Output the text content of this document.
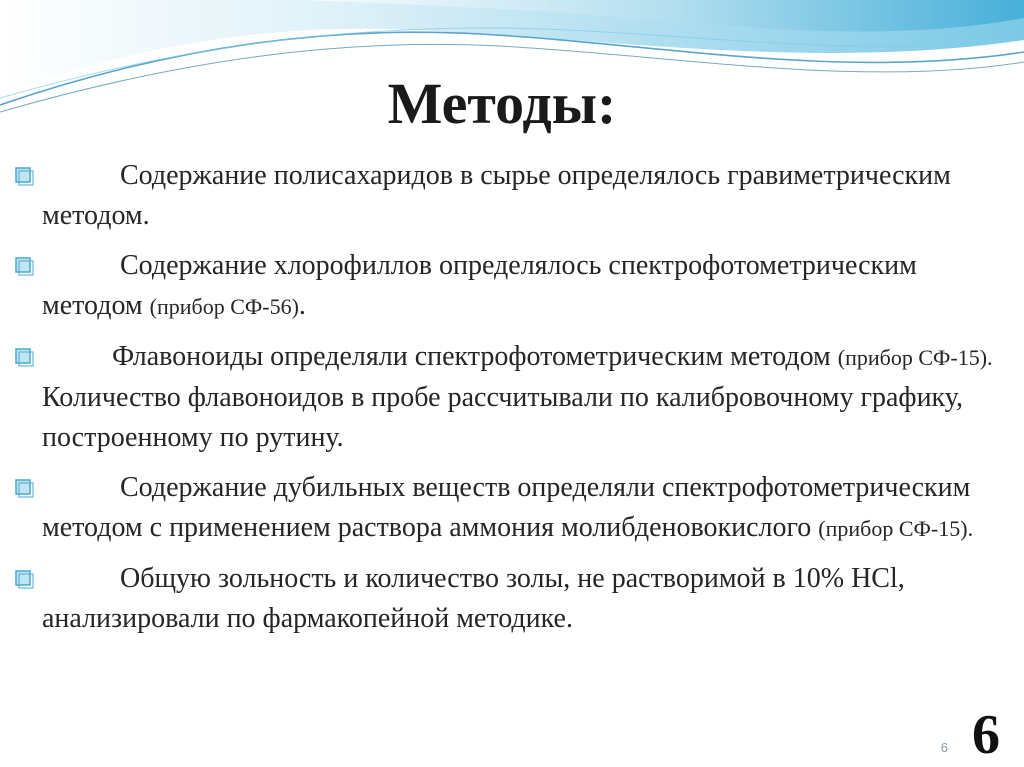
Методы:
Содержание полисахаридов в сырье определялось гравиметрическим методом.
Содержание хлорофиллов определялось спектрофотометрическим методом (прибор СФ-56).
Флавоноиды определяли спектрофотометрическим методом (прибор СФ-15). Количество флавоноидов в пробе рассчитывали по калибровочному графику, построенному по рутину.
Содержание дубильных веществ определяли спектрофотометрическим методом с применением раствора аммония молибденовокислого (прибор СФ-15).
Общую зольность и количество золы, не растворимой в 10% HCl, анализировали по фармакопейной методике.
6 6
